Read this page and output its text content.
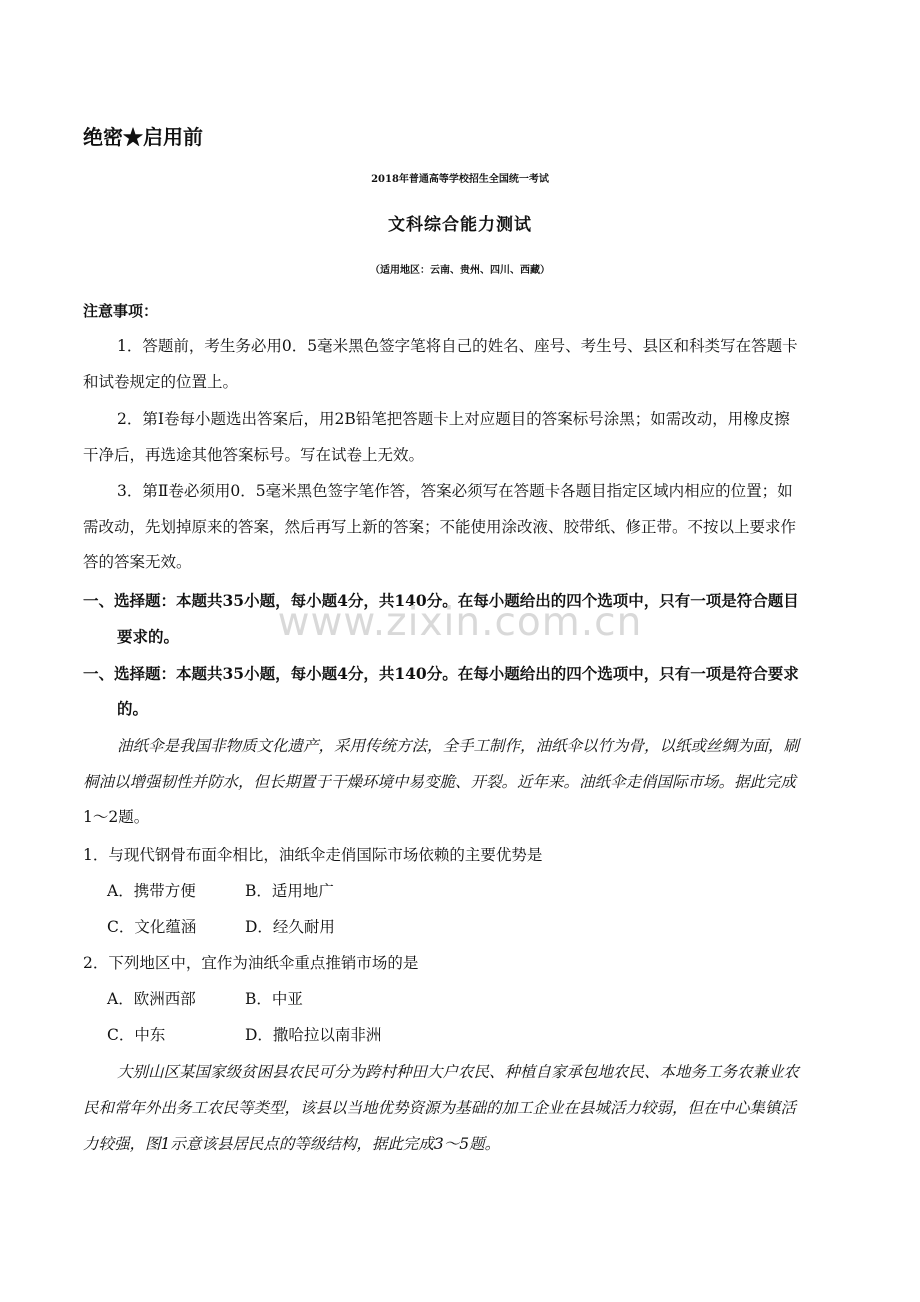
绝密★启用前
2018年普通高等学校招生全国统一考试
文科综合能力测试
（适用地区：云南、贵州、四川、西藏）
注意事项：
1．答题前，考生务必用0．5毫米黑色签字笔将自己的姓名、座号、考生号、县区和科类写在答题卡
和试卷规定的位置上。
2．第Ⅰ卷每小题选出答案后，用2B铅笔把答题卡上对应题目的答案标号涂黑；如需改动，用橡皮擦
干净后，再选途其他答案标号。写在试卷上无效。
3．第Ⅱ卷必须用0．5毫米黑色签字笔作答，答案必须写在答题卡各题目指定区域内相应的位置；如
需改动，先划掉原来的答案，然后再写上新的答案；不能使用涂改液、胶带纸、修正带。不按以上要求作
答的答案无效。
一、选择题：本题共35小题，每小题4分，共140分。在每小题给出的四个选项中，只有一项是符合题目
要求的。
一、选择题：本题共35小题，每小题4分，共140分。在每小题给出的四个选项中，只有一项是符合要求
的。
www.zixin.com.cn
油纸伞是我国非物质文化遗产，采用传统方法，全手工制作，油纸伞以竹为骨，以纸或丝绸为面，刷
桐油以增强韧性并防水，但长期置于干燥环境中易变脆、开裂。近年来。油纸伞走俏国际市场。据此完成
1～2题。
1．与现代钢骨布面伞相比，油纸伞走俏国际市场依赖的主要优势是
A．携带方便	B．适用地广
C．文化蕴涵	D．经久耐用
2．下列地区中，宜作为油纸伞重点推销市场的是
A．欧洲西部	B．中亚
C．中东	D．撒哈拉以南非洲
大别山区某国家级贫困县农民可分为跨村种田大户农民、种植自家承包地农民、本地务工务农兼业农
民和常年外出务工农民等类型，该县以当地优势资源为基础的加工企业在县城活力较弱，但在中心集镇活
力较强，图1示意该县居民点的等级结构，据此完成3～5题。
